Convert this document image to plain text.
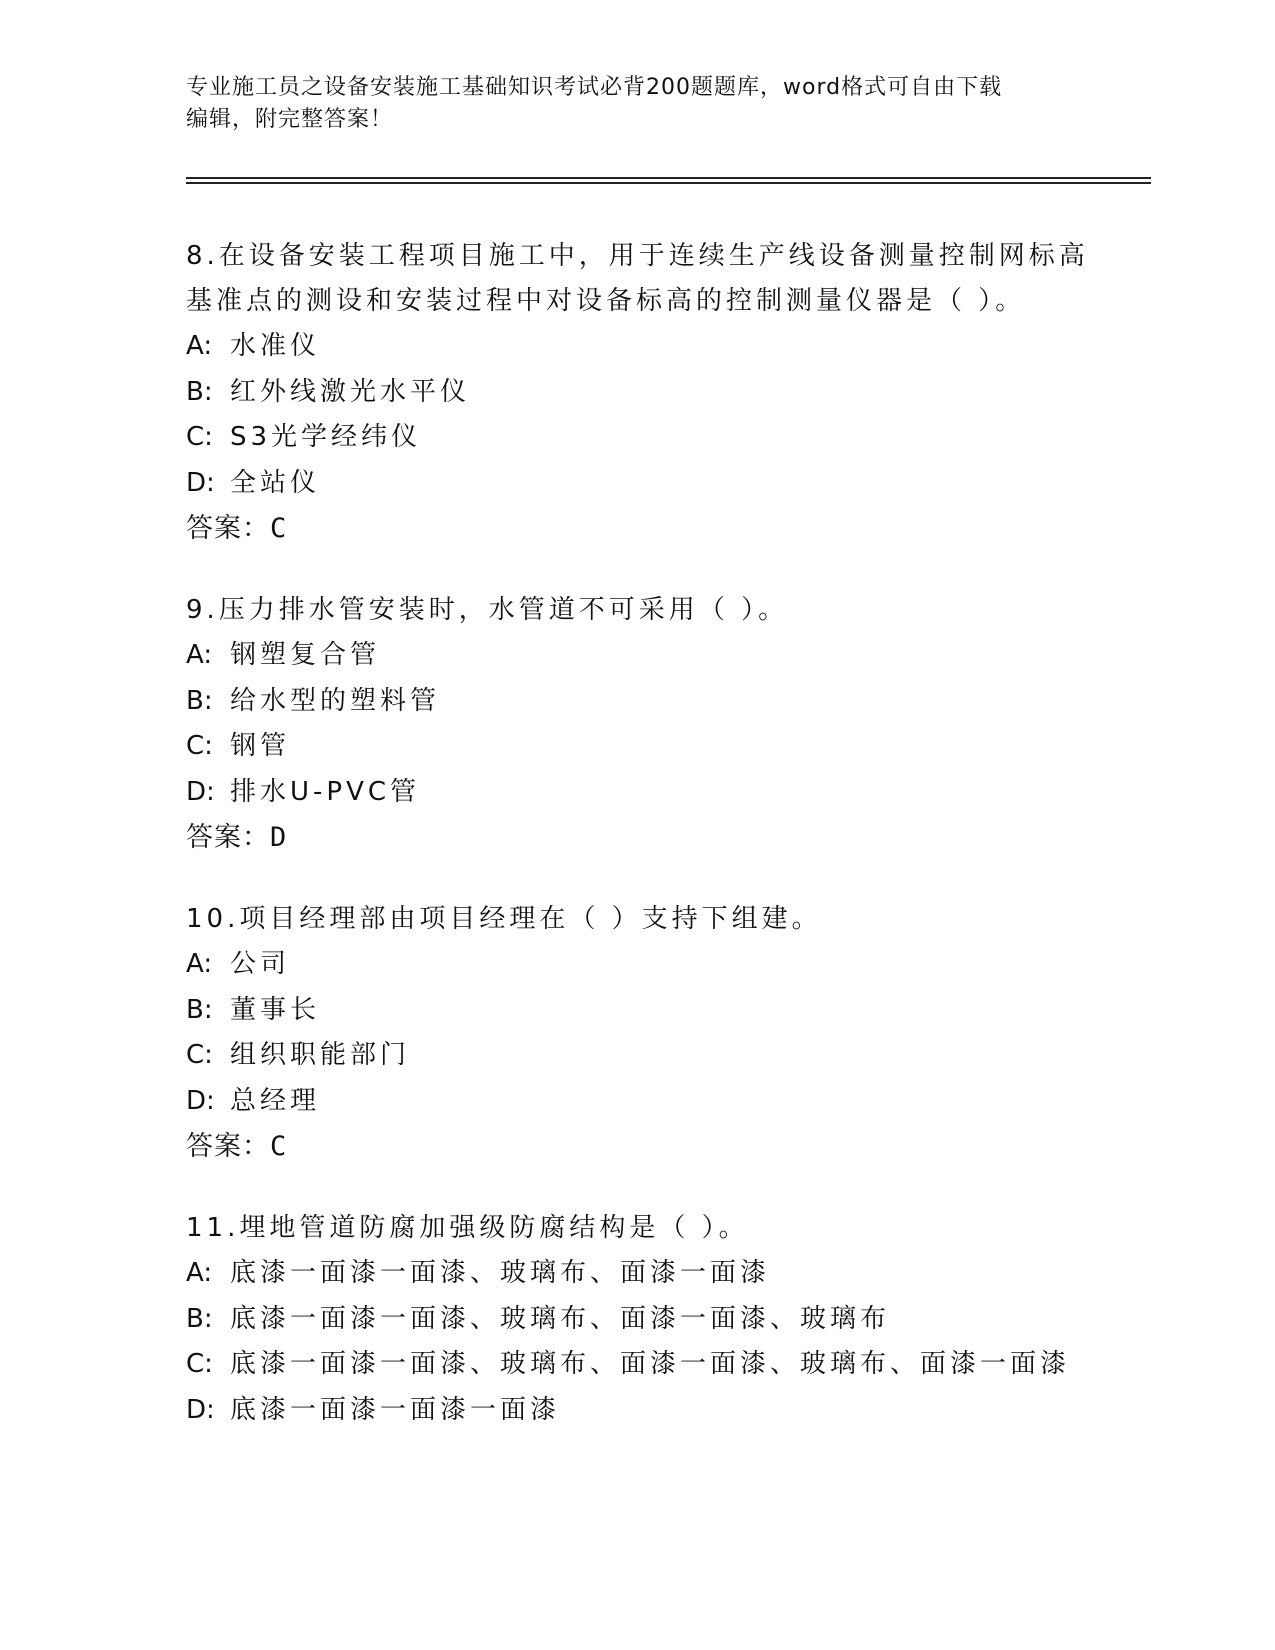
专业施工员之设备安装施工基础知识考试必背200题题库，word格式可自由下载
编辑，附完整答案！
8.在设备安装工程项目施工中，用于连续生产线设备测量控制网标高
基准点的测设和安装过程中对设备标高的控制测量仪器是（ ）。
A: 水准仪
B: 红外线激光水平仪
C: S3光学经纬仪
D: 全站仪
答案：C
9.压力排水管安装时，水管道不可采用（ ）。
A: 钢塑复合管
B: 给水型的塑料管
C: 钢管
D: 排水U-PVC管
答案：D
10.项目经理部由项目经理在（ ）支持下组建。
A: 公司
B: 董事长
C: 组织职能部门
D: 总经理
答案：C
11.埋地管道防腐加强级防腐结构是（ ）。
A: 底漆一面漆一面漆、玻璃布、面漆一面漆
B: 底漆一面漆一面漆、玻璃布、面漆一面漆、玻璃布
C: 底漆一面漆一面漆、玻璃布、面漆一面漆、玻璃布、面漆一面漆
D: 底漆一面漆一面漆一面漆
